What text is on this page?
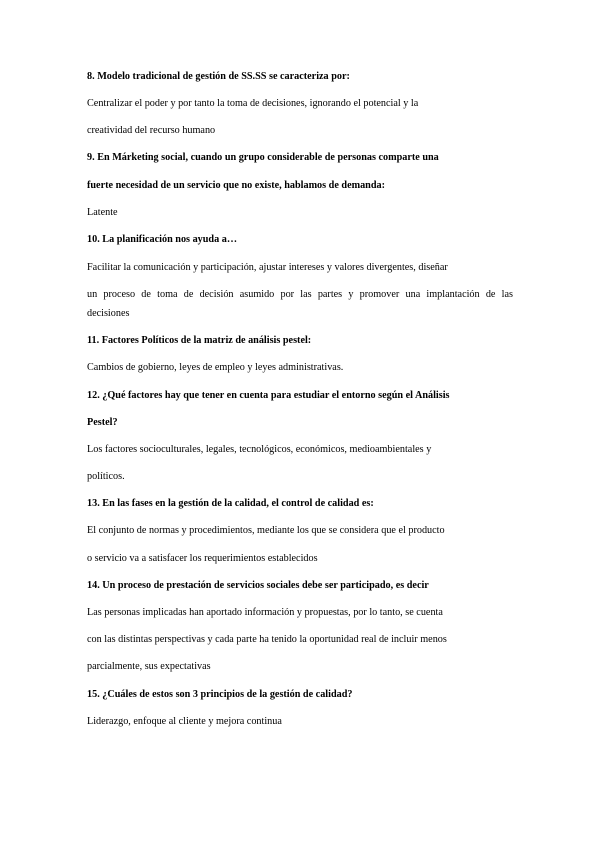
8. Modelo tradicional de gestión de SS.SS se caracteriza por:
Centralizar el poder y por tanto la toma de decisiones, ignorando el potencial y la
creatividad del recurso humano
9. En Márketing social, cuando un grupo considerable de personas comparte una
fuerte necesidad de un servicio que no existe, hablamos de demanda:
Latente
10. La planificación nos ayuda a…
Facilitar la comunicación y participación, ajustar intereses y valores divergentes, diseñar
un proceso de toma de decisión asumido por las partes y promover una implantación de las
decisiones
11. Factores Políticos de la matriz de análisis pestel:
Cambios de gobierno, leyes de empleo y leyes administrativas.
12. ¿Qué factores hay que tener en cuenta para estudiar el entorno según el Análisis
Pestel?
Los factores socioculturales, legales, tecnológicos, económicos, medioambientales y
políticos.
13. En las fases en la gestión de la calidad, el control de calidad es:
El conjunto de normas y procedimientos, mediante los que se considera que el producto
o servicio va a satisfacer los requerimientos establecidos
14. Un proceso de prestación de servicios sociales debe ser participado, es decir
Las personas implicadas han aportado información y propuestas, por lo tanto, se cuenta
con las distintas perspectivas y cada parte ha tenido la oportunidad real de incluir menos
parcialmente, sus expectativas
15. ¿Cuáles de estos son 3 principios de la gestión de calidad?
Liderazgo, enfoque al cliente y mejora continua
